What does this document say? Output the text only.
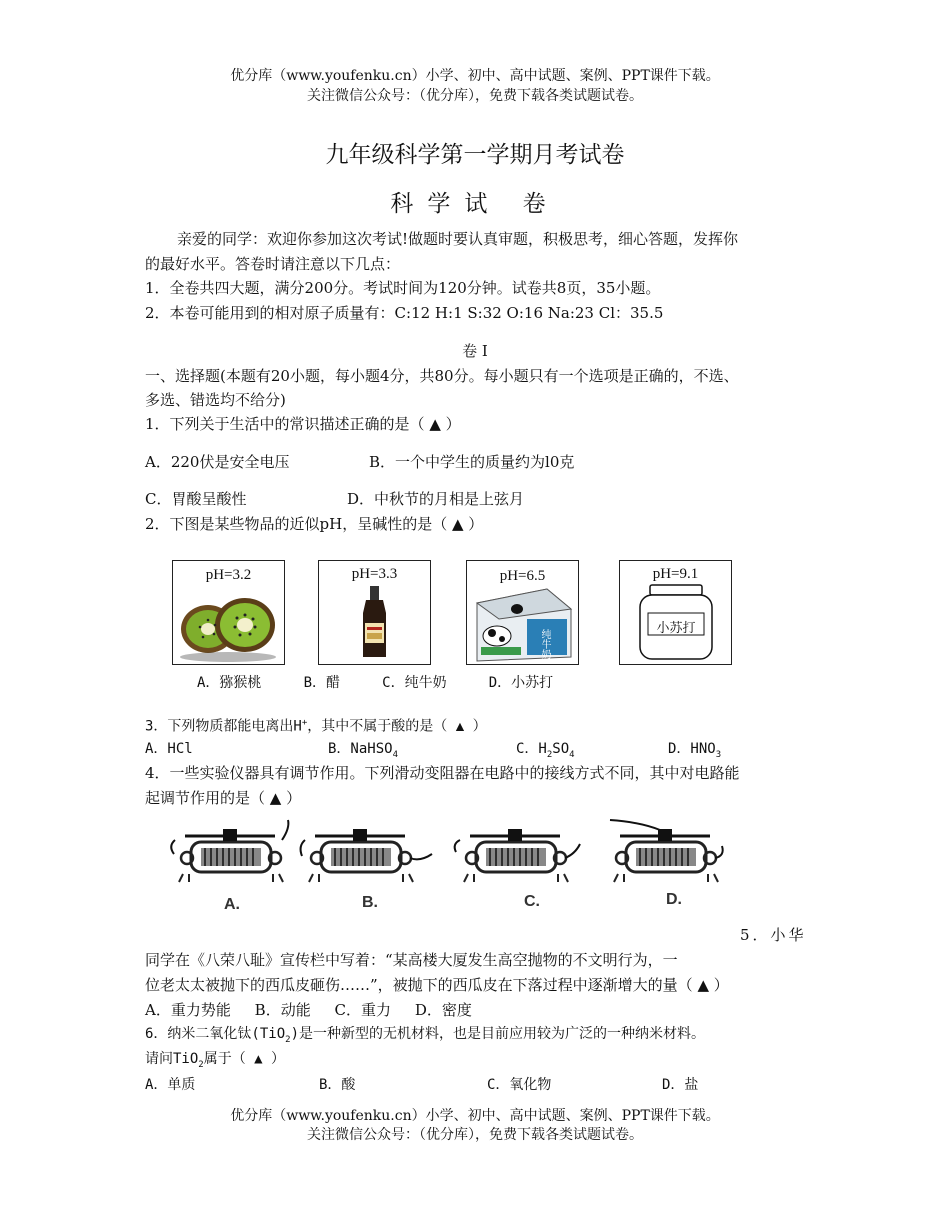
优分库（www.youfenku.cn）小学、初中、高中试题、案例、PPT课件下载。
关注微信公众号：（优分库），免费下载各类试题试卷。
九年级科学第一学期月考试卷
科学试 卷
亲爱的同学：欢迎你参加这次考试!做题时要认真审题，积极思考，细心答题，发挥你
的最好水平。答卷时请注意以下几点：
1．全卷共四大题，满分200分。考试时间为120分钟。试卷共8页，35小题。
2．本卷可能用到的相对原子质量有：C:12 H:1 S:32 O:16 Na:23 Cl：35.5
卷 I
一、选择题(本题有20小题，每小题4分，共80分。每小题只有一个选项是正确的，不选、
多选、错选均不给分)
1．下列关于生活中的常识描述正确的是（ ▲ ）
A．220伏是安全电压	B．一个中学生的质量约为l0克
C．胃酸呈酸性	D．中秋节的月相是上弦月
2．下图是某些物品的近似pH，呈碱性的是（ ▲ ）
pH=3.2	pH=3.3	pH=6.5
纯牛奶
pH=9.1
小苏打
A．猕猴桃     B．醋     C．纯牛奶     D．小苏打
3．下列物质都能电离出H+，其中不属于酸的是（ ▲ ）
A．HCl	B．NaHSO$_4$	C．$H_2SO_4$	D．$HNO_3$
4．一些实验仪器具有调节作用。下列滑动变阻器在电路中的接线方式不同，其中对电路能
起调节作用的是（ ▲ ）
A.	B.	C.	D.
5．小华
同学在《八荣八耻》宣传栏中写着：“某高楼大厦发生高空抛物的不文明行为，一
位老太太被抛下的西瓜皮砸伤……”，被抛下的西瓜皮在下落过程中逐渐增大的量（ ▲ ）
A．重力势能     B．动能     C．重力     D．密度
6．纳米二氧化钛(TiO$_2$)是一种新型的无机材料，也是目前应用较为广泛的一种纳米材料。
请问TiO$_2$属于（ ▲ ）
A．单质	B．酸	C．氧化物	D．盐
优分库（www.youfenku.cn）小学、初中、高中试题、案例、PPT课件下载。
关注微信公众号：（优分库），免费下载各类试题试卷。
